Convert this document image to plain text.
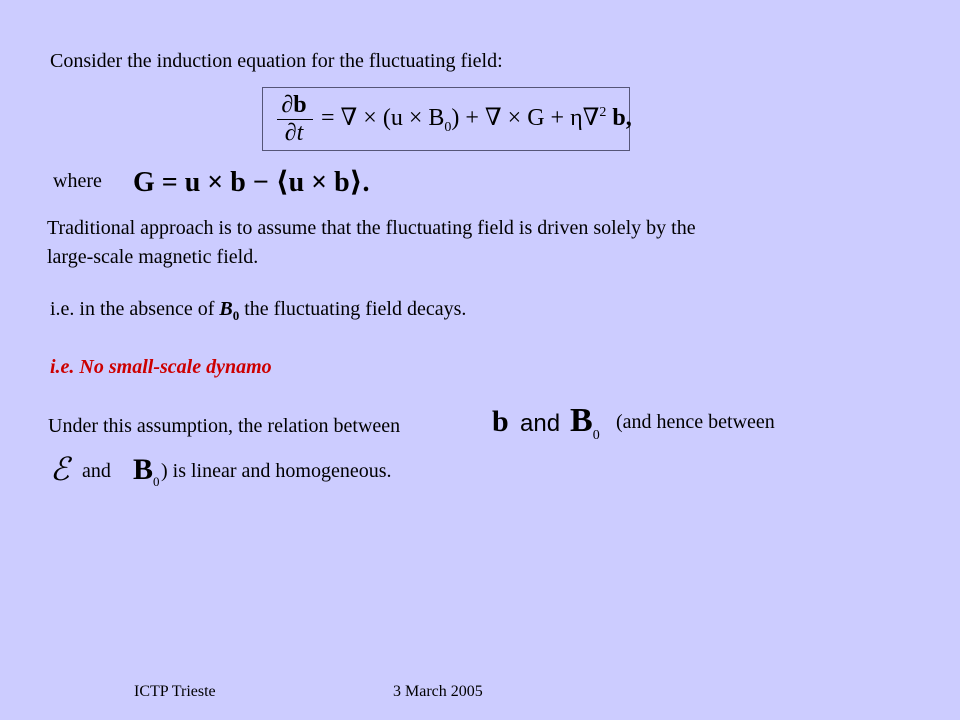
Consider the induction equation for the fluctuating field:
∂b
∂t
= ∇ × $(u \times B_0)$ + ∇ × G + η∇$^2$ b,
where G = u × b − ⟨u × b⟩.
Traditional approach is to assume that the fluctuating field is driven solely by the
large-scale magnetic field.
i.e. in the absence of $B_0$ the fluctuating field decays.
i.e. No small-scale dynamo
Under this assumption, the relation between	b and $B_0$
(and hence between
ℰ and $B_0$ ) is linear and homogeneous.
ICTP Trieste	3 March 2005
